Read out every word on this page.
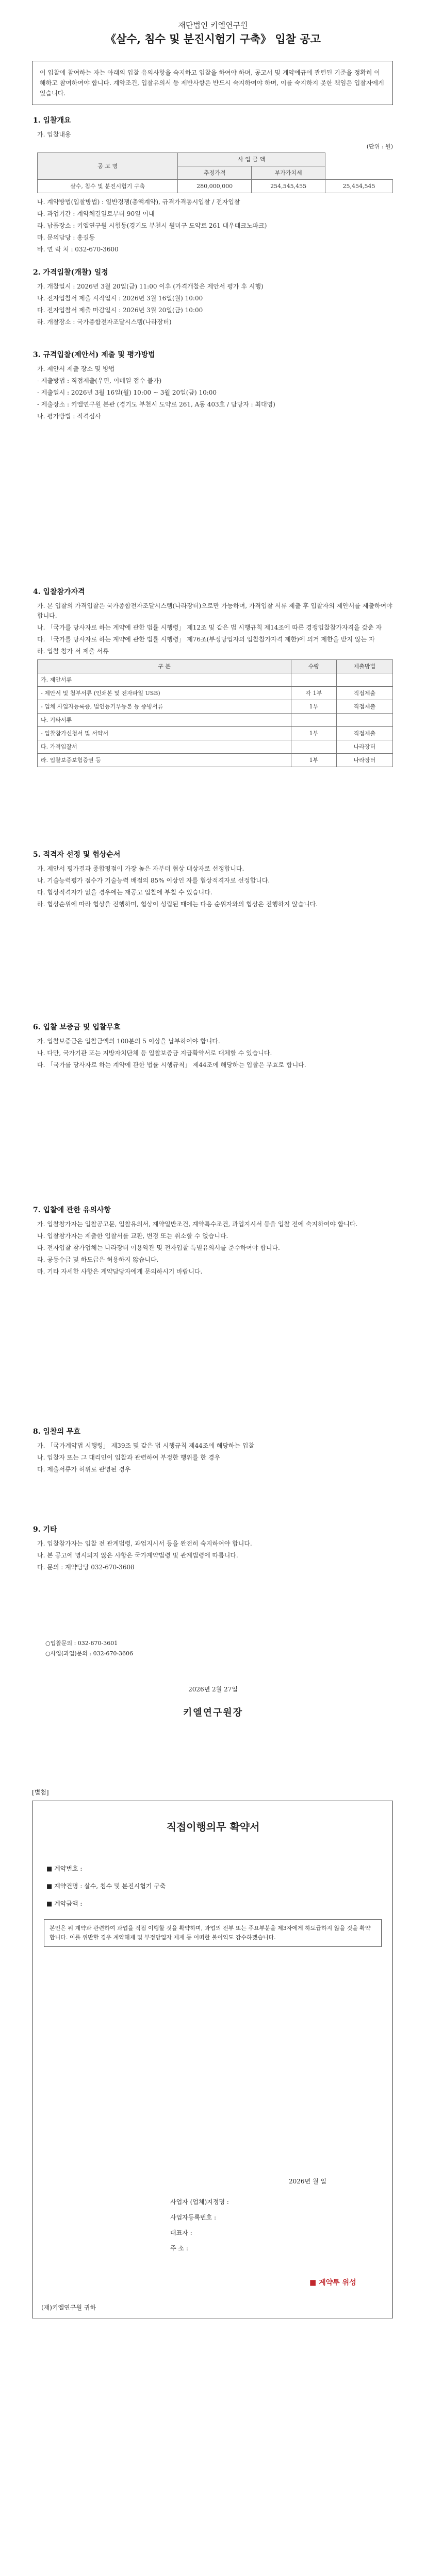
재단법인 키엘연구원
《살수, 침수 및 분진시험기 구축》 입찰 공고
이 입찰에 참여하는 자는 아래의 입찰 유의사항을 숙지하고 입찰을 하여야 하며, 공고서 및 계약예규에 관련된 기준을 정확히 이해하고 참여하여야 합니다. 계약조건, 입찰유의서 등 제반사항은 반드시 숙지하여야 하며, 이를 숙지하지 못한 책임은 입찰자에게 있습니다.
1. 입찰개요

가. 입찰내용

(단위 : 원)
공 고 명	사 업 금 액		
	추정가격	부가가치세	
살수, 침수 및 분진시험기 구축	280,000,000	254,545,455	25,454,545

나. 계약방법(입찰방법) : 일반경쟁(총액계약), 규격가격동시입찰 / 전자입찰

다. 과업기간 : 계약체결일로부터 90일 이내

라. 납품장소 : 키엘연구원 시험동(경기도 부천시 원미구 도약로 261 대우테크노파크)

마. 문의담당 : 홍길동

바. 연 락 처 : 032-670-3600

2. 가격입찰(개찰) 일정

가. 개찰일시 : 2026년 3월 20일(금) 11:00 이후 (가격개찰은 제안서 평가 후 시행)

나. 전자입찰서 제출 시작일시 : 2026년 3월 16일(월) 10:00

다. 전자입찰서 제출 마감일시 : 2026년 3월 20일(금) 10:00

라. 개찰장소 : 국가종합전자조달시스템(나라장터)

3. 규격입찰(제안서) 제출 및 평가방법

가. 제안서 제출 장소 및 방법

- 제출방법 : 직접제출(우편, 이메일 접수 불가)

- 제출일시 : 2026년 3월 16일(월) 10:00 ~ 3월 20일(금) 10:00

- 제출장소 : 키엘연구원 본관 (경기도 부천시 도약로 261, A동 403호 / 담당자 : 최대영)

나. 평가방법 : 적격심사

4. 입찰참가자격

가. 본 입찰의 가격입찰은 국가종합전자조달시스템(나라장터)으로만 가능하며, 가격입찰 서류 제출 후 입찰자의 제안서를 제출하여야 합니다.

나. 「국가를 당사자로 하는 계약에 관한 법률 시행령」 제12조 및 같은 법 시행규칙 제14조에 따른 경쟁입찰참가자격을 갖춘 자

다. 「국가를 당사자로 하는 계약에 관한 법률 시행령」 제76조(부정당업자의 입찰참가자격 제한)에 의거 제한을 받지 않는 자

라. 입찰 참가 서 제출 서류

구 분	수량	제출방법
가. 제안서류		
- 제안서 및 첨부서류 (인쇄본 및 전자파일 USB)	각 1부	직접제출
- 업체 사업자등록증, 법인등기부등본 등 증빙서류	1부	직접제출
나. 기타서류		
- 입찰참가신청서 및 서약서	1부	직접제출
다. 가격입찰서		나라장터
라. 입찰보증보험증권 등	1부	나라장터
5. 적격자 선정 및 협상순서

가. 제안서 평가결과 종합평점이 가장 높은 자부터 협상 대상자로 선정합니다.

나. 기술능력평가 점수가 기술능력 배점의 85% 이상인 자를 협상적격자로 선정합니다.

다. 협상적격자가 없을 경우에는 재공고 입찰에 부칠 수 있습니다.

라. 협상순위에 따라 협상을 진행하며, 협상이 성립된 때에는 다음 순위자와의 협상은 진행하지 않습니다.

6. 입찰 보증금 및 입찰무효

가. 입찰보증금은 입찰금액의 100분의 5 이상을 납부하여야 합니다.

나. 다만, 국가기관 또는 지방자치단체 등 입찰보증금 지급확약서로 대체할 수 있습니다.

다. 「국가를 당사자로 하는 계약에 관한 법률 시행규칙」 제44조에 해당하는 입찰은 무효로 합니다.

7. 입찰에 관한 유의사항

가. 입찰참가자는 입찰공고문, 입찰유의서, 계약일반조건, 계약특수조건, 과업지시서 등을 입찰 전에 숙지하여야 합니다.

나. 입찰참가자는 제출한 입찰서를 교환, 변경 또는 취소할 수 없습니다.

다. 전자입찰 참가업체는 나라장터 이용약관 및 전자입찰 특별유의서를 준수하여야 합니다.

라. 공동수급 및 하도급은 허용하지 않습니다.

마. 기타 자세한 사항은 계약담당자에게 문의하시기 바랍니다.

8. 입찰의 무효

가. 「국가계약법 시행령」 제39조 및 같은 법 시행규칙 제44조에 해당하는 입찰

나. 입찰자 또는 그 대리인이 입찰과 관련하여 부정한 행위를 한 경우

다. 제출서류가 허위로 판명된 경우

9. 기타

가. 입찰참가자는 입찰 전 관계법령, 과업지시서 등을 완전히 숙지하여야 합니다.

나. 본 공고에 명시되지 않은 사항은 국가계약법령 및 관계법령에 따릅니다.

다. 문의 : 계약담당 032-670-3608

○입찰문의 : 032-670-3601
○사업(과업)문의 : 032-670-3606
2026년 2월 27일
키엘연구원장
[별첨]
직접이행의무 확약서
■ 계약번호 :
■ 계약건명 : 살수, 침수 및 분진시험기 구축
■ 계약금액 :
본인은 위 계약과 관련하여 과업을 직접 이행할 것을 확약하며, 과업의 전부 또는 주요부분을 제3자에게 하도급하지 않을 것을 확약합니다. 이를 위반할 경우 계약해제 및 부정당업자 제재 등 어떠한 불이익도 감수하겠습니다.
2026년 월 일
사업자 (업체)지정명 :
사업자등록번호 :
대표자 :
주 소 :
■ 계약투 위성
(재)키엘연구원 귀하
